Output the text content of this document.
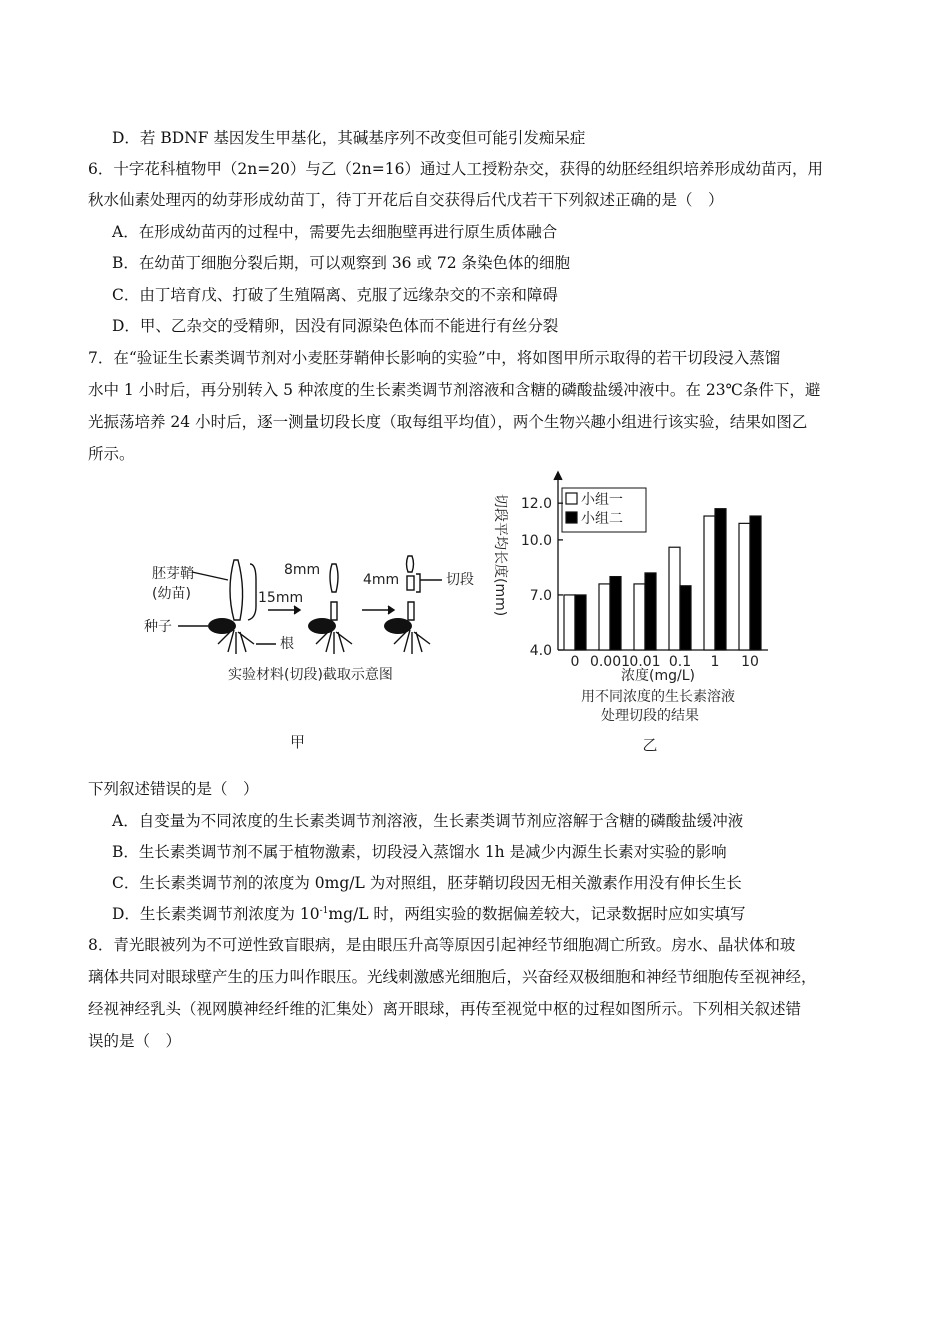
D．若 BDNF 基因发生甲基化，其碱基序列不改变但可能引发痴呆症
6．十字花科植物甲（2n=20）与乙（2n=16）通过人工授粉杂交，获得的幼胚经组织培养形成幼苗丙，用
秋水仙素处理丙的幼芽形成幼苗丁，待丁开花后自交获得后代戊若干下列叙述正确的是（　）
A．在形成幼苗丙的过程中，需要先去细胞壁再进行原生质体融合
B．在幼苗丁细胞分裂后期，可以观察到 36 或 72 条染色体的细胞
C．由丁培育戊、打破了生殖隔离、克服了远缘杂交的不亲和障碍
D．甲、乙杂交的受精卵，因没有同源染色体而不能进行有丝分裂
7．在“验证生长素类调节剂对小麦胚芽鞘伸长影响的实验”中，将如图甲所示取得的若干切段浸入蒸馏
水中 1 小时后，再分别转入 5 种浓度的生长素类调节剂溶液和含糖的磷酸盐缓冲液中。在 23℃条件下，避
光振荡培养 24 小时后，逐一测量切段长度（取每组平均值），两个生物兴趣小组进行该实验，结果如图乙
所示。
胚芽鞘
(幼苗)
种子
根
15mm
8mm
4mm	切段
实验材料(切段)截取示意图
甲
切段平均长度(mm)
浓度(mg/L)
用不同浓度的生长素溶液
处理切段的结果
乙
4.0
7.0
10.0
12.0
0 0.001 0.01 0.1 1 10
小组一
小组二
下列叙述错误的是（　）
A．自变量为不同浓度的生长素类调节剂溶液，生长素类调节剂应溶解于含糖的磷酸盐缓冲液
B．生长素类调节剂不属于植物激素，切段浸入蒸馏水 1h 是减少内源生长素对实验的影响
C．生长素类调节剂的浓度为 0mg/L 为对照组，胚芽鞘切段因无相关激素作用没有伸长生长
D．生长素类调节剂浓度为 $10^{-1}mg/L$ 时，两组实验的数据偏差较大，记录数据时应如实填写
8．青光眼被列为不可逆性致盲眼病，是由眼压升高等原因引起神经节细胞凋亡所致。房水、晶状体和玻
璃体共同对眼球壁产生的压力叫作眼压。光线刺激感光细胞后，兴奋经双极细胞和神经节细胞传至视神经，
经视神经乳头（视网膜神经纤维的汇集处）离开眼球，再传至视觉中枢的过程如图所示。下列相关叙述错
误的是（　）
